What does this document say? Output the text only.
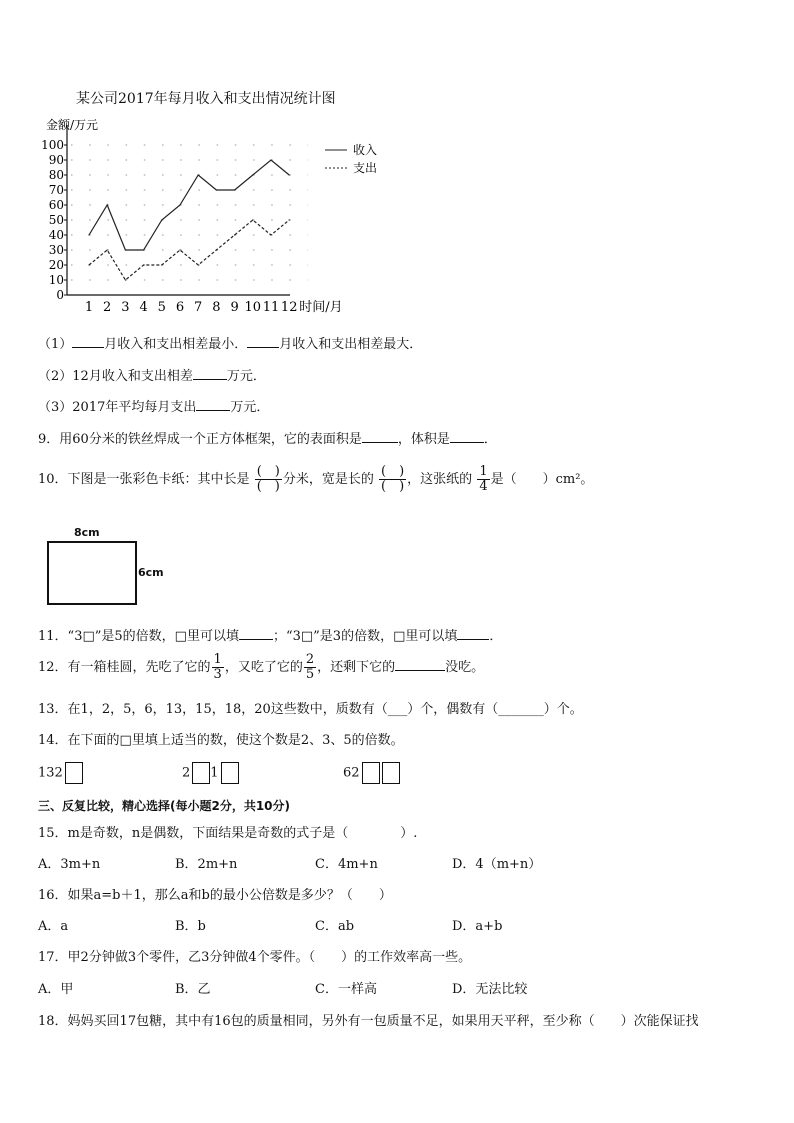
某公司2017年每月收入和支出情况统计图
0
10
20
30
40
50
60
70
80
90
100
1 2 3 4 5 6 7 8 9 10 11 12
金额/万元
时间/月
收入
支出
（1） 月收入和支出相差最小． 月收入和支出相差最大．
（2）12月收入和支出相差	万元．
（3）2017年平均每月支出	万元．
9．用60分米的铁丝焊成一个正方体框架，它的表面积是	，体积是	．
10．下图是一张彩色卡纸：其中长是 $\frac{( )}{( )}$ 分米，宽是长的 $\frac{( )}{( )}$ ，这张纸的 $\frac{1}{4}$ 是（　　）cm²。
8cm
6cm
11．“3□”是5的倍数，□里可以填	；“3□”是3的倍数，□里可以填 ．
12．有一箱桂圆，先吃了它的 $\frac{1}{3}$ ，又吃了它的 $\frac{2}{5}$ ，还剩下它的	没吃。
13．在1，2，5，6，13，15，18，20这些数中，质数有（___）个，偶数有（_______）个。
14．在下面的□里填上适当的数，使这个数是2、3、5的倍数。
132	2 1	62
三、反复比较，精心选择(每小题2分，共10分)
15．m是奇数，n是偶数，下面结果是奇数的式子是（　　　　）.
A．3m+n	B．2m+n	C．4m+n	D．4（m+n）
16．如果a=b＋1，那么a和b的最小公倍数是多少？（　　）
A．a	B．b	C．ab	D．a+b
17．甲2分钟做3个零件，乙3分钟做4个零件。（　　）的工作效率高一些。
A．甲	B．乙	C．一样高	D．无法比较
18．妈妈买回17包糖，其中有16包的质量相同，另外有一包质量不足，如果用天平秤，至少称（　　）次能保证找
